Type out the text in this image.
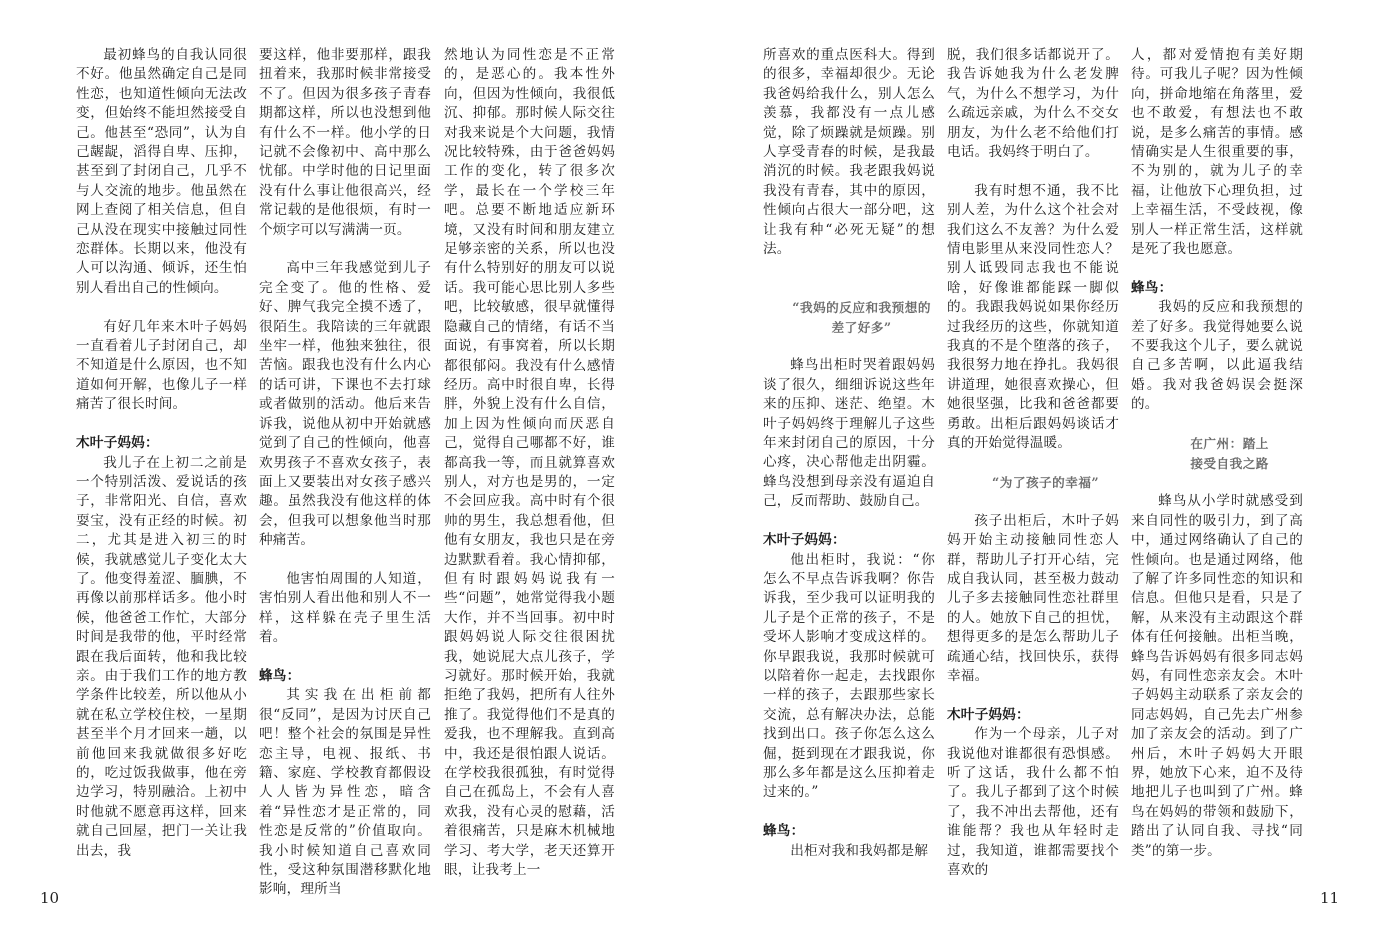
最初蜂鸟的自我认同很不好。他虽然确定自己是同性恋，也知道性倾向无法改变，但始终不能坦然接受自己。他甚至“恐同”，认为自己龌龊，滔得自卑、压抑，甚至到了封闭自己，几乎不与人交流的地步。他虽然在网上查阅了相关信息，但自己从没在现实中接触过同性恋群体。长期以来，他没有人可以沟通、倾诉，还生怕别人看出自己的性倾向。

有好几年来木叶子妈妈一直看着儿子封闭自己，却不知道是什么原因，也不知道如何开解，也像儿子一样痛苦了很长时间。

木叶子妈妈：

我儿子在上初二之前是一个特别活泼、爱说话的孩子，非常阳光、自信，喜欢耍宝，没有正经的时候。初二，尤其是进入初三的时候，我就感觉儿子变化太大了。他变得羞涩、腼腆，不再像以前那样话多。他小时候，他爸爸工作忙，大部分时间是我带的他，平时经常跟在我后面转，他和我比较亲。由于我们工作的地方教学条件比较差，所以他从小就在私立学校住校，一星期甚至半个月才回来一趟，以前他回来我就做很多好吃的，吃过饭我做事，他在旁边学习，特别融洽。上初中时他就不愿意再这样，回来就自己回屋，把门一关让我出去，我

要这样，他非要那样，跟我扭着来，我那时候非常接受不了。但因为很多孩子青春期都这样，所以也没想到他有什么不一样。他小学的日记就不会像初中、高中那么忧郁。中学时他的日记里面没有什么事让他很高兴，经常记载的是他很烦，有时一个烦字可以写满满一页。

高中三年我感觉到儿子完全变了。他的性格、爱好、脾气我完全摸不透了，很陌生。我陪读的三年就跟坐牢一样，他独来独往，很苦恼。跟我也没有什么内心的话可讲，下课也不去打球或者做别的活动。他后来告诉我，说他从初中开始就感觉到了自己的性倾向，他喜欢男孩子不喜欢女孩子，表面上又要装出对女孩子感兴趣。虽然我没有他这样的体会，但我可以想象他当时那种痛苦。

他害怕周围的人知道，害怕别人看出他和别人不一样，这样躲在壳子里生活着。

蜂鸟：

其实我在出柜前都很“反同”，是因为讨厌自己吧！整个社会的氛围是异性恋主导，电视、报纸、书籍、家庭、学校教育都假设人人皆为异性恋，暗含着“异性恋才是正常的，同性恋是反常的”价值取向。我小时候知道自己喜欢同性，受这种氛围潜移默化地影响，理所当

然地认为同性恋是不正常的，是恶心的。我本性外向，但因为性倾向，我很低沉、抑郁。那时候人际交往对我来说是个大问题，我情况比较特殊，由于爸爸妈妈工作的变化，转了很多次学，最长在一个学校三年吧。总要不断地适应新环境，又没有时间和朋友建立足够亲密的关系，所以也没有什么特别好的朋友可以说话。我可能心思比别人多些吧，比较敏感，很早就懂得隐藏自己的情绪，有话不当面说，有事窝着，所以长期都很郁闷。我没有什么感情经历。高中时很自卑，长得胖，外貌上没有什么自信，加上因为性倾向而厌恶自己，觉得自己哪都不好，谁都高我一等，而且就算喜欢别人，对方也是男的，一定不会回应我。高中时有个很帅的男生，我总想看他，但他有女朋友，我也只是在旁边默默看着。我心情抑郁，但有时跟妈妈说我有一些“问题”，她常觉得我小题大作，并不当回事。初中时跟妈妈说人际交往很困扰我，她说屁大点儿孩子，学习就好。那时候开始，我就拒绝了我妈，把所有人往外推了。我觉得他们不是真的爱我，也不理解我。直到高中，我还是很怕跟人说话。在学校我很孤独，有时觉得自己在孤岛上，不会有人喜欢我，没有心灵的慰藉，活着很痛苦，只是麻木机械地学习、考大学，老天还算开眼，让我考上一

10

所喜欢的重点医科大。得到的很多，幸福却很少。无论我爸妈给我什么，别人怎么羡慕，我都没有一点儿感觉，除了烦躁就是烦躁。别人享受青春的时候，是我最消沉的时候。我老跟我妈说我没有青春，其中的原因，性倾向占很大一部分吧，这让我有种“必死无疑”的想法。

“我妈的反应和我预想的

差了好多”

蜂鸟出柜时哭着跟妈妈谈了很久，细细诉说这些年来的压抑、迷茫、绝望。木叶子妈妈终于理解儿子这些年来封闭自己的原因，十分心疼，决心帮他走出阴霾。蜂鸟没想到母亲没有逼迫自己，反而帮助、鼓励自己。

木叶子妈妈：

他出柜时，我说：“你怎么不早点告诉我啊？你告诉我，至少我可以证明我的儿子是个正常的孩子，不是受坏人影响才变成这样的。你早跟我说，我那时候就可以陪着你一起走，去找跟你一样的孩子，去跟那些家长交流，总有解决办法，总能找到出口。孩子你怎么这么倔，挺到现在才跟我说，你那么多年都是这么压抑着走过来的。”

蜂鸟：

出柜对我和我妈都是解

脱，我们很多话都说开了。我告诉她我为什么老发脾气，为什么不想学习，为什么疏远亲戚，为什么不交女朋友，为什么老不给他们打电话。我妈终于明白了。

我有时想不通，我不比别人差，为什么这个社会对我们这么不友善？为什么爱情电影里从来没同性恋人？别人诋毁同志我也不能说啥，好像谁都能踩一脚似的。我跟我妈说如果你经历过我经历的这些，你就知道我真的不是个堕落的孩子，我很努力地在挣扎。我妈很讲道理，她很喜欢操心，但她很坚强，比我和爸爸都要勇敢。出柜后跟妈妈谈话才真的开始觉得温暖。

“为了孩子的幸福”

孩子出柜后，木叶子妈妈开始主动接触同性恋人群，帮助儿子打开心结，完成自我认同，甚至极力鼓动儿子多去接触同性恋社群里的人。她放下自己的担忧，想得更多的是怎么帮助儿子疏通心结，找回快乐，获得幸福。

木叶子妈妈：

作为一个母亲，儿子对我说他对谁都很有恐惧感。听了这话，我什么都不怕了。我儿子都到了这个时候了，我不冲出去帮他，还有谁能帮？我也从年轻时走过，我知道，谁都需要找个喜欢的

人，都对爱情抱有美好期待。可我儿子呢？因为性倾向，拼命地缩在角落里，爱也不敢爱，有想法也不敢说，是多么痛苦的事情。感情确实是人生很重要的事，不为别的，就为儿子的幸福，让他放下心理负担，过上幸福生活，不受歧视，像别人一样正常生活，这样就是死了我也愿意。

蜂鸟：

我妈的反应和我预想的差了好多。我觉得她要么说不要我这个儿子，要么就说自己多苦啊，以此逼我结婚。我对我爸妈误会挺深的。

在广州：踏上

接受自我之路

蜂鸟从小学时就感受到来自同性的吸引力，到了高中，通过网络确认了自己的性倾向。也是通过网络，他了解了许多同性恋的知识和信息。但他只是看，只是了解，从来没有主动跟这个群体有任何接触。出柜当晚，蜂鸟告诉妈妈有很多同志妈妈，有同性恋亲友会。木叶子妈妈主动联系了亲友会的同志妈妈，自己先去广州参加了亲友会的活动。到了广州后，木叶子妈妈大开眼界，她放下心来，迫不及待地把儿子也叫到了广州。蜂鸟在妈妈的带领和鼓励下，踏出了认同自我、寻找“同类”的第一步。

11
